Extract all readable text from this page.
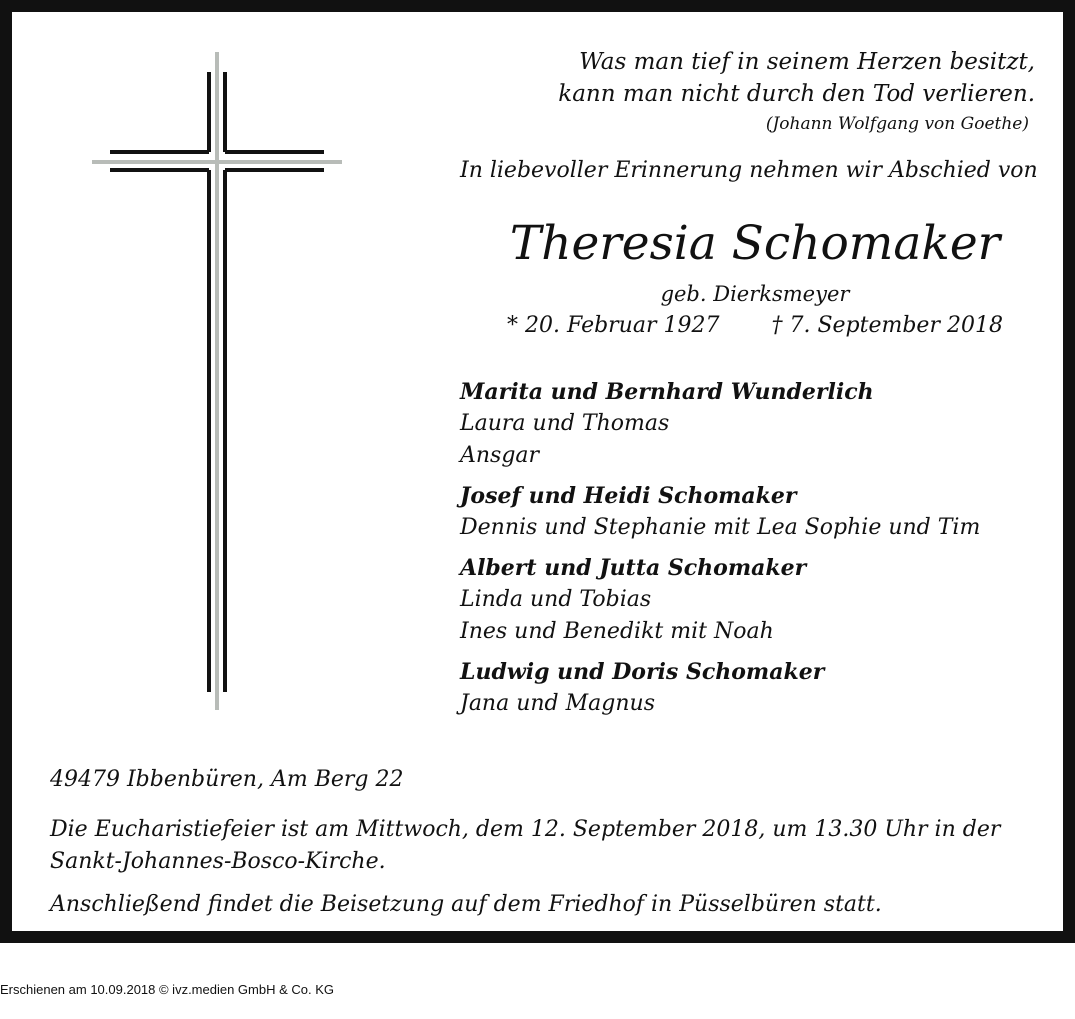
Was man tief in seinem Herzen besitzt,
kann man nicht durch den Tod verlieren.
(Johann Wolfgang von Goethe)
In liebevoller Erinnerung nehmen wir Abschied von
Theresia Schomaker
geb. Dierksmeyer
* 20. Februar 1927 † 7. September 2018
Marita und Bernhard Wunderlich
Laura und Thomas
Ansgar
Josef und Heidi Schomaker
Dennis und Stephanie mit Lea Sophie und Tim
Albert und Jutta Schomaker
Linda und Tobias
Ines und Benedikt mit Noah
Ludwig und Doris Schomaker
Jana und Magnus
49479 Ibbenbüren, Am Berg 22
Die Eucharistiefeier ist am Mittwoch, dem 12. September 2018, um 13.30 Uhr in der Sankt-Johannes-Bosco-Kirche.
Anschließend findet die Beisetzung auf dem Friedhof in Püsselbüren statt.
Erschienen am 10.09.2018 © ivz.medien GmbH & Co. KG
